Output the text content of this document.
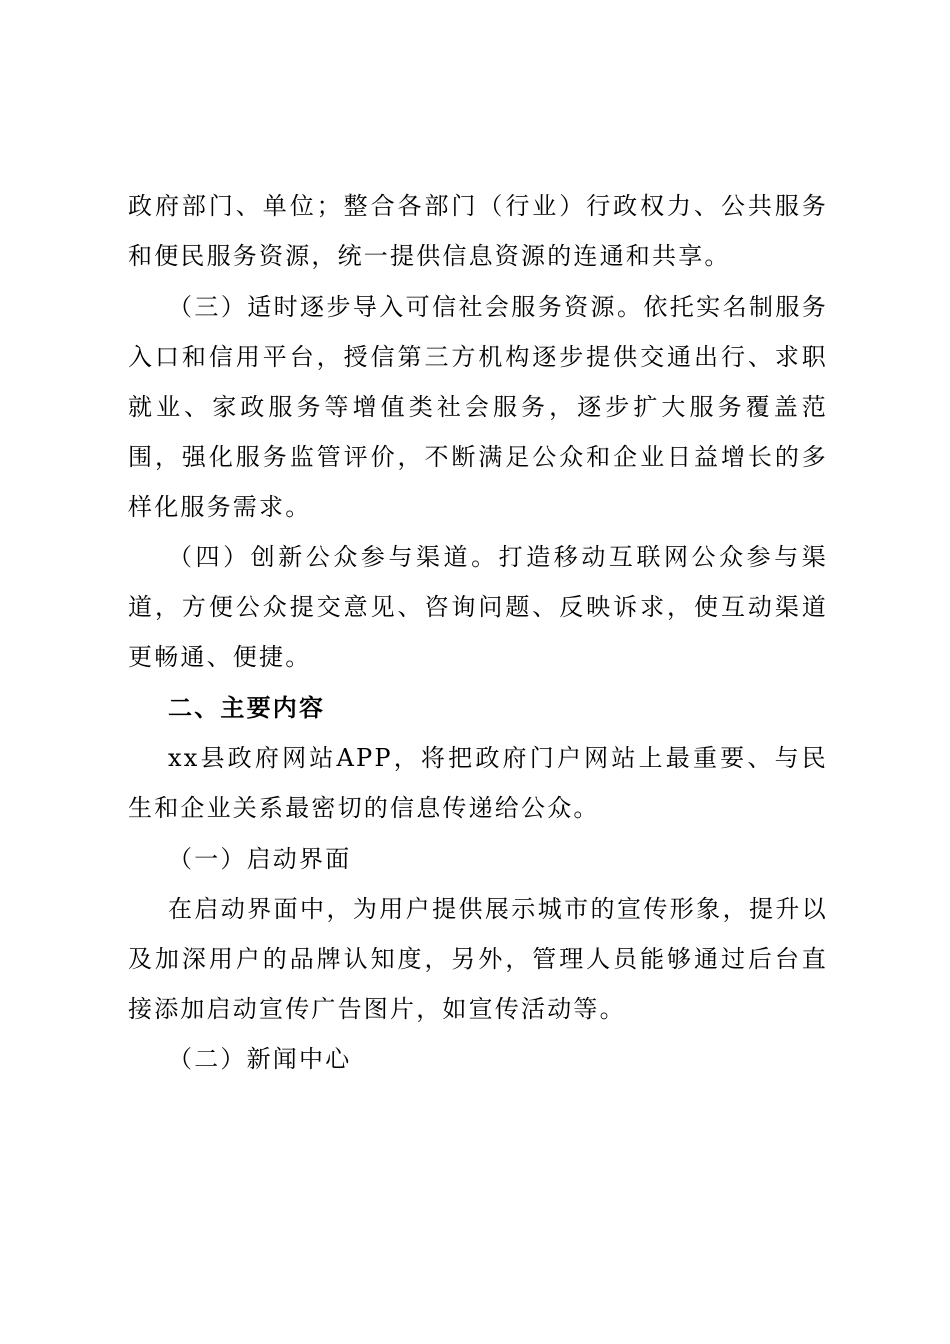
政府部门、单位；整合各部门（行业）行政权力、公共服务和便民服务资源，统一提供信息资源的连通和共享。

（三）适时逐步导入可信社会服务资源。依托实名制服务入口和信用平台，授信第三方机构逐步提供交通出行、求职就业、家政服务等增值类社会服务，逐步扩大服务覆盖范围，强化服务监管评价，不断满足公众和企业日益增长的多样化服务需求。

（四）创新公众参与渠道。打造移动互联网公众参与渠道，方便公众提交意见、咨询问题、反映诉求，使互动渠道更畅通、便捷。

二、主要内容

xx县政府网站APP，将把政府门户网站上最重要、与民生和企业关系最密切的信息传递给公众。

（一）启动界面

在启动界面中，为用户提供展示城市的宣传形象，提升以及加深用户的品牌认知度，另外，管理人员能够通过后台直接添加启动宣传广告图片，如宣传活动等。

（二）新闻中心
